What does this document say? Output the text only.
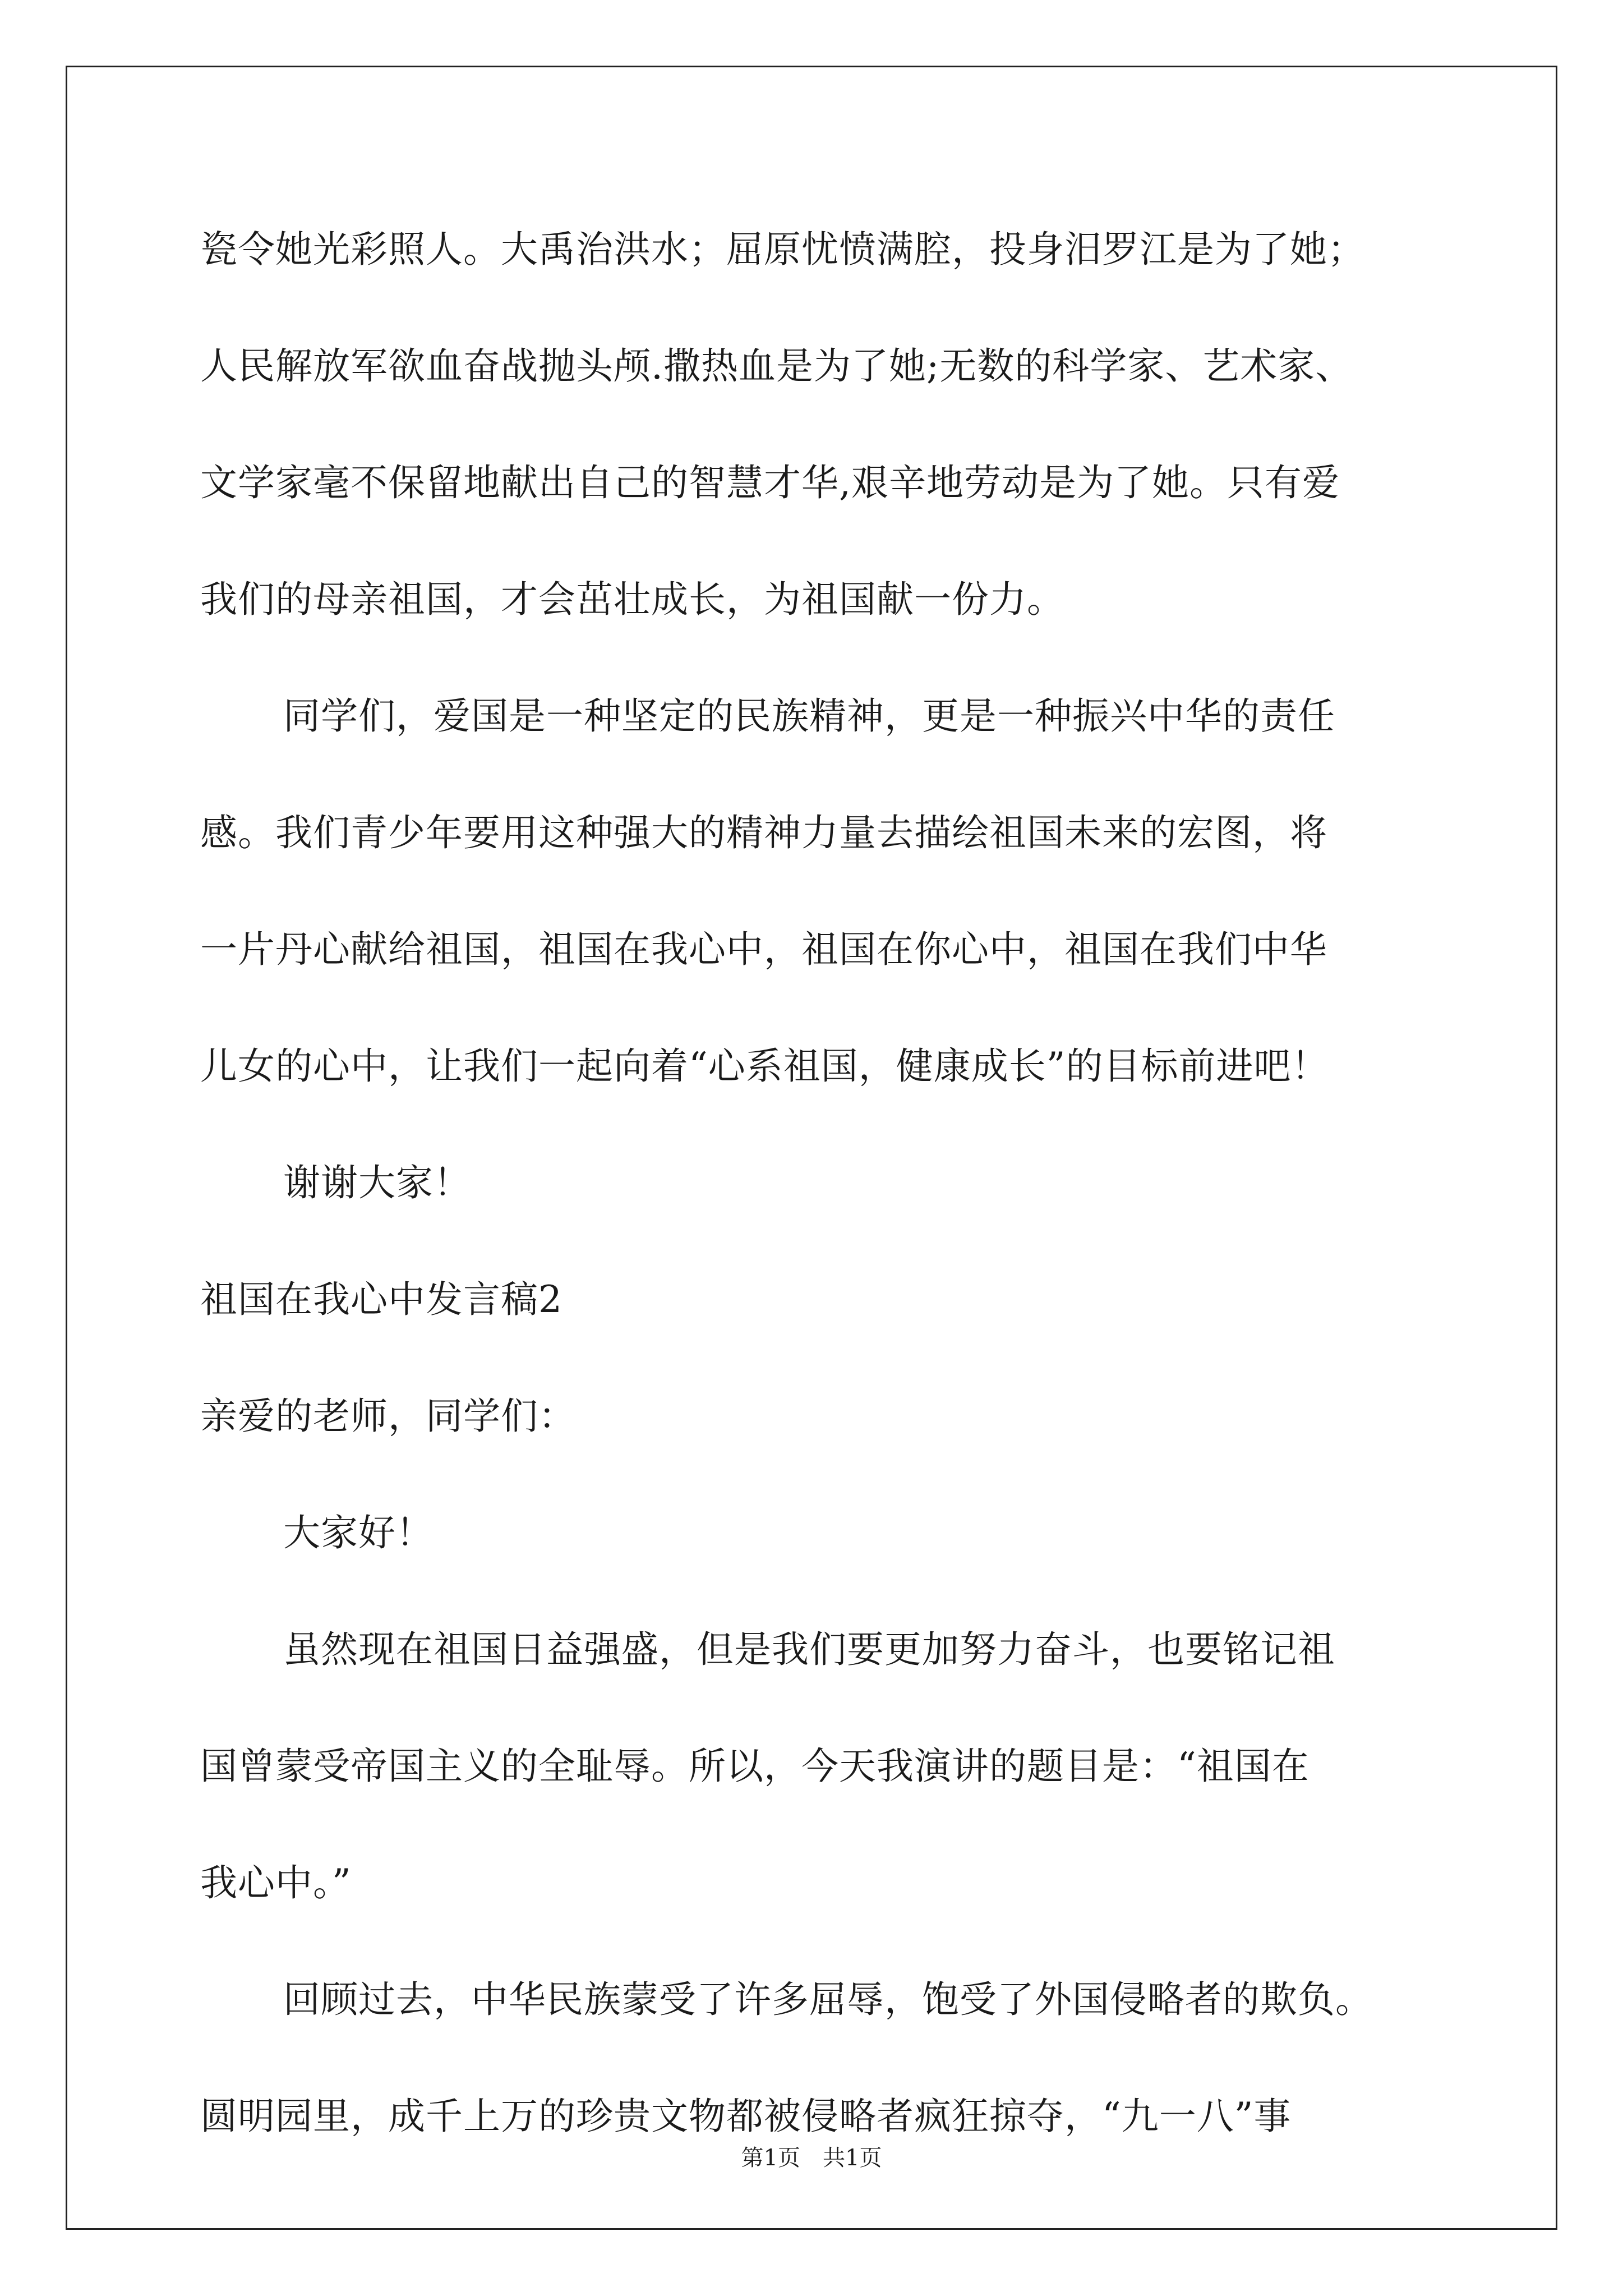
瓷令她光彩照人。大禹治洪水；屈原忧愤满腔，投身汨罗江是为了她；
人民解放军欲血奋战抛头颅.撒热血是为了她;无数的科学家、艺术家、
文学家毫不保留地献出自己的智慧才华,艰辛地劳动是为了她。只有爱
我们的母亲祖国，才会茁壮成长，为祖国献一份力。
同学们，爱国是一种坚定的民族精神，更是一种振兴中华的责任
感。我们青少年要用这种强大的精神力量去描绘祖国未来的宏图，将
一片丹心献给祖国，祖国在我心中，祖国在你心中，祖国在我们中华
儿女的心中，让我们一起向着“心系祖国，健康成长”的目标前进吧！
谢谢大家！
祖国在我心中发言稿2
亲爱的老师，同学们：
大家好！
虽然现在祖国日益强盛，但是我们要更加努力奋斗，也要铭记祖
国曾蒙受帝国主义的全耻辱。所以，今天我演讲的题目是：“祖国在
我心中。”
回顾过去，中华民族蒙受了许多屈辱，饱受了外国侵略者的欺负。
圆明园里，成千上万的珍贵文物都被侵略者疯狂掠夺，“九一八”事
第1页　共1页
